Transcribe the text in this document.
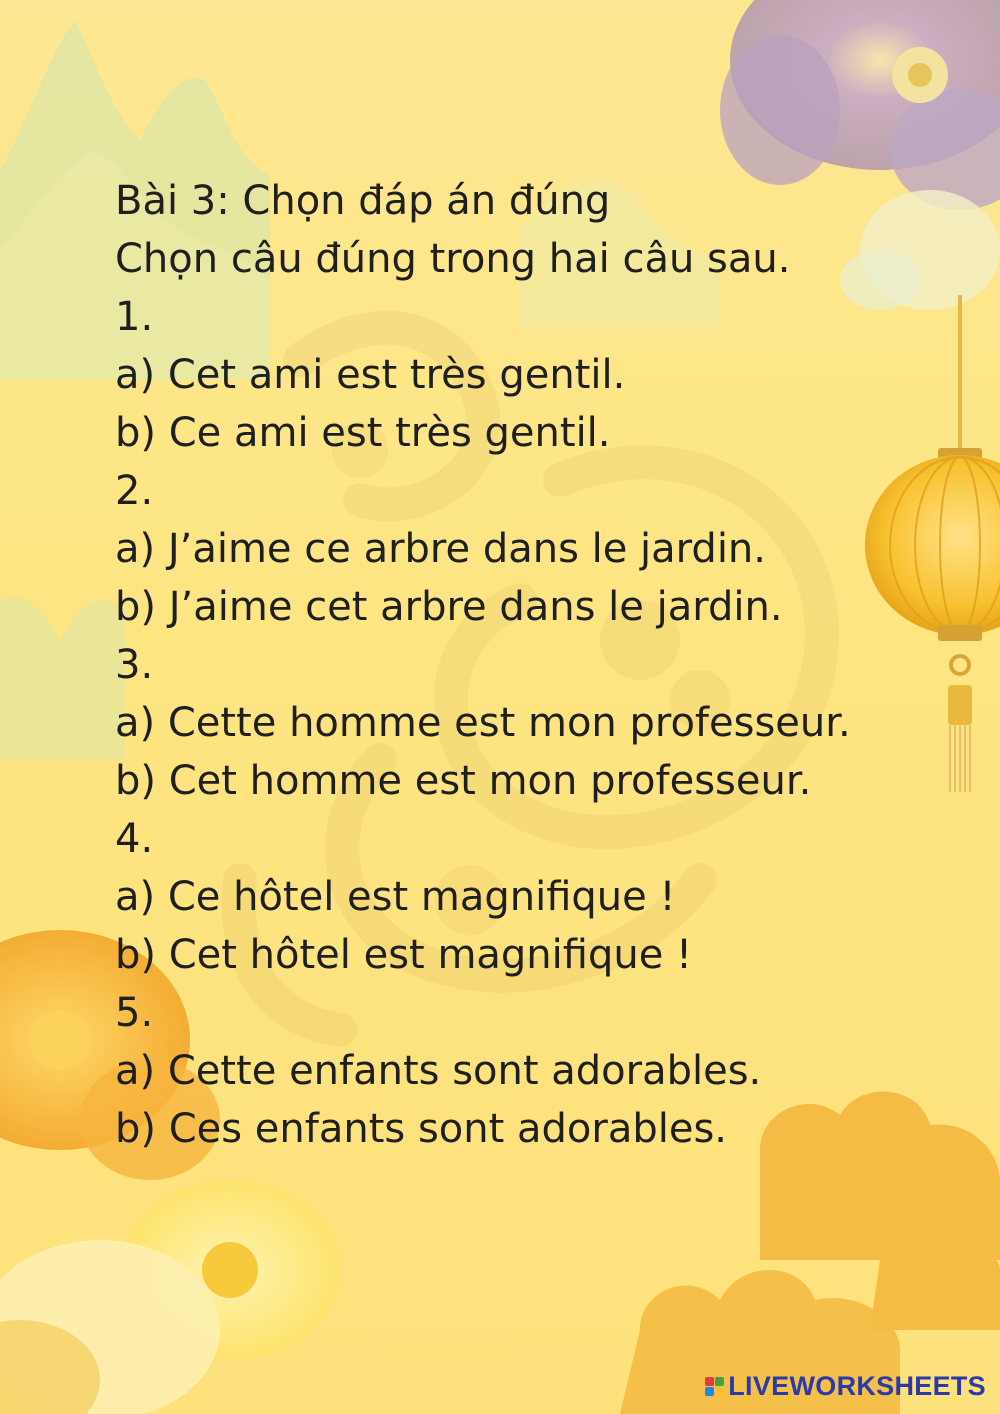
Bài 3: Chọn đáp án đúng
Chọn câu đúng trong hai câu sau.
1.
a) Cet ami est très gentil.
b) Ce ami est très gentil.
2.
a) J’aime ce arbre dans le jardin.
b) J’aime cet arbre dans le jardin.
3.
a) Cette homme est mon professeur.
b) Cet homme est mon professeur.
4.
a) Ce hôtel est magnifique !
b) Cet hôtel est magnifique !
5.
a) Cette enfants sont adorables.
b) Ces enfants sont adorables.
LIVEWORKSHEETS
